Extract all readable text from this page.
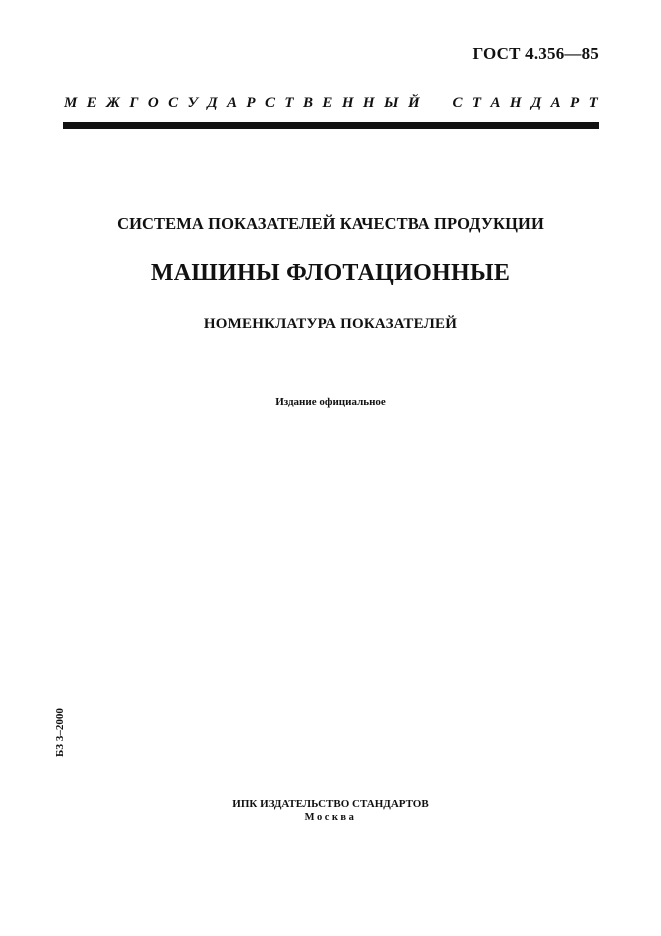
ГОСТ 4.356—85
М Е Ж Г О С У Д А Р С Т В Е Н Н Ы Й С Т А Н Д А Р Т
СИСТЕМА ПОКАЗАТЕЛЕЙ КАЧЕСТВА ПРОДУКЦИИ
МАШИНЫ ФЛОТАЦИОННЫЕ
НОМЕНКЛАТУРА ПОКАЗАТЕЛЕЙ
Издание официальное
БЗ 3–2000
ИПК ИЗДАТЕЛЬСТВО СТАНДАРТОВ
Москва
